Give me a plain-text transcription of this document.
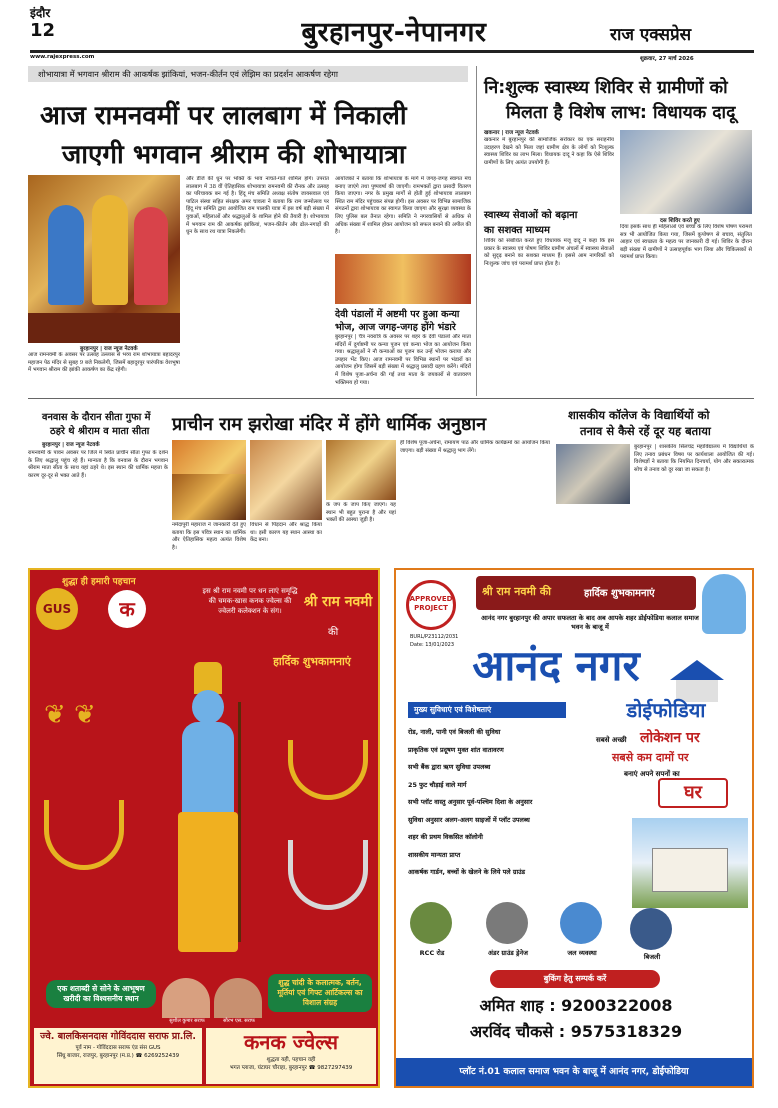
इंदौर
12	बुरहानपुर-नेपानगर	राज एक्सप्रेस
www.rajexpress.com	शुक्रवार, 27 मार्च 2026
शोभायात्रा में भगवान श्रीराम की आकर्षक झांकियां, भजन-कीर्तन एवं लेझिम का प्रदर्शन आकर्षण रहेगा
आज रामनवमीं पर लालबाग में निकाली
जाएगी भगवान श्रीराम की शोभायात्रा
बुरहानपुर | राज न्यूज नेटवर्क
आज रामनवमी के अवसर पर उत्साह उल्लास से भव्य राम शोभायात्रा बहादरपुर महाजन पेठ मंदिर से सुबह 9 बजे निकलेगी, जिसमें बहादुरपुर पारंपरिक वेशभूषा में भगवान श्रीराम की झांकी आकर्षण का केंद्र रहेगी।
और डीजे की धुन पर भक्ति के भाव नाचते-गाते शामिल होंगे। उपरांत लालबाग में 38 वीं ऐतिहासिक शोभायात्रा रामनवमी की रौनक और उत्साह का परिचायक बन गई है। हिंदू मंच समिति अध्यक्ष संतोष जायसवाल एवं पाटिल संस्था सहित संरक्षक अमर चावला ने बताया कि राम जन्मोत्सव पर हिंदू मंच समिति द्वारा आयोजित राम पालकी यात्रा में इस वर्ष बड़ी संख्या में युवाओं, महिलाओं और श्रद्धालुओं के शामिल होने की तैयारी है। शोभायात्रा में भगवान राम की आकर्षक झांकियां, भजन-कीर्तन और ढोल-नगाड़ों की धुन के साथ रथ यात्रा निकलेगी।
आयोजकों ने बताया कि शोभायात्रा के मार्ग में जगह-जगह स्वागत मंच बनाए जाएंगे तथा पुष्पवर्षा की जाएगी। रामभक्तों द्वारा प्रसादी वितरण किया जाएगा। नगर के प्रमुख मार्गों से होती हुई शोभायात्रा लालबाग स्थित राम मंदिर पहुंचकर संपन्न होगी। इस अवसर पर विभिन्न सामाजिक संगठनों द्वारा शोभायात्रा का स्वागत किया जाएगा और सुरक्षा व्यवस्था के लिए पुलिस बल तैनात रहेगा। समिति ने नगरवासियों से अधिक से अधिक संख्या में शामिल होकर आयोजन को सफल बनाने की अपील की है।
देवी पंडालों में अष्टमी पर हुआ कन्या
भोज, आज जगह-जगह होंगे भंडारे
बुरहानपुर | चैत्र नवरात्रि के अवसर पर शहर के देवी पंडालों और माता मंदिरों में दुर्गाष्टमी पर कन्या पूजन एवं कन्या भोज का आयोजन किया गया। श्रद्धालुओं ने नौ कन्याओं का पूजन कर उन्हें भोजन कराया और उपहार भेंट किए। आज रामनवमी पर विभिन्न स्थानों पर भंडारों का आयोजन होगा जिसमें बड़ी संख्या में श्रद्धालु प्रसादी ग्रहण करेंगे। मंदिरों में विशेष पूजा-अर्चना की गई तथा माता के जयकारों से वातावरण भक्तिमय हो गया।
नि:शुल्क स्वास्थ्य शिविर से ग्रामीणों को
मिलता है विशेष लाभ: विधायक दादू
खकनार | राज न्यूज नेटवर्क
खकनार में बुरहानपुर की सामाजिक सरोकार का एक सराहनीय उदाहरण देखने को मिला जहां ग्रामीण क्षेत्र के लोगों को निःशुल्क स्वास्थ्य शिविर का लाभ मिला। विधायक दादू ने कहा कि ऐसे शिविर ग्रामीणों के लिए अत्यंत उपयोगी हैं।
स्वास्थ्य सेवाओं को बढ़ाना
का सशक्त माध्यम
शिविर को संबोधित करते हुए विधायक मंजू दादू ने कहा कि इस प्रकार के स्वास्थ्य एवं पोषण शिविर ग्रामीण अंचलों में स्वास्थ्य सेवाओं को सुदृढ़ बनाने का सशक्त माध्यम हैं। इससे आम नागरिकों को निःशुल्क जांच एवं परामर्श प्राप्त होता है।
दस शिविर करते हुए
दिया इसके साथ ही महिलाओं एवं बच्चों के लिए विशेष पोषण परामर्श सत्र भी आयोजित किया गया, जिसमें कुपोषण से बचाव, संतुलित आहार एवं स्वच्छता के महत्व पर जानकारी दी गई। शिविर के दौरान बड़ी संख्या में ग्रामीणों ने उत्साहपूर्वक भाग लिया और चिकित्सकों से परामर्श प्राप्त किया।
वनवास के दौरान सीता गुफा में
ठहरे थे श्रीराम व माता सीता
बुरहानपुर | राज न्यूज नेटवर्क
रामनवमी के पावन अवसर पर जिले में स्थित प्राचीन सीता गुफा के दर्शन के लिए श्रद्धालु पहुंच रहे हैं। मान्यता है कि वनवास के दौरान भगवान श्रीराम माता सीता के साथ यहां ठहरे थे। इस स्थान की धार्मिक महत्ता के कारण दूर-दूर से भक्त आते हैं।
प्राचीन राम झरोखा मंदिर में होंगे धार्मिक अनुष्ठान
नर्मदापुरी महाराज ने जानकारी देते हुए बताया कि इस पवित्र स्थान का धार्मिक और ऐतिहासिक महत्व अत्यंत विशेष है।
विधान से पिंड़दान और श्राद्ध किया था। इसी कारण यह स्थान आस्था का केंद्र बना।
के जप के जाप किए जाएंगे। यह स्थान भी बहुत पुराना है और यहां भक्तों की आस्था जुड़ी है।
ही विशेष पूजा-अर्चना, रामायण पाठ और धार्मिक कार्यक्रमों का आयोजन किया जाएगा। बड़ी संख्या में श्रद्धालु भाग लेंगे।
शासकीय कॉलेज के विद्यार्थियों को
तनाव से कैसे रहें दूर यह बताया
बुरहानपुर | शासकीय सिलचंद्र महाविद्यालय में विद्यार्थियों के लिए तनाव प्रबंधन विषय पर कार्यशाला आयोजित की गई। विशेषज्ञों ने बताया कि नियमित दिनचर्या, योग और सकारात्मक सोच से तनाव को दूर रखा जा सकता है।
शुद्धा ही हमारी पहचान
GUS	क
इस श्री राम नवमी पर धन लाएं समृद्धि की चमक-खास कनक ज्वेल्स की ज्वेलरी कलेक्शन के संग।
श्री राम नवमी
की
हार्दिक शुभकामनाएं
❦ ❦
एक शताब्दी से सोने के आभूषण खरीदी का विश्वसनीय स्थान
शुद्ध चांदी के कलात्मक, बर्तन, मूर्तियां एवं गिफ्ट आर्टिकल्स का विशाल संग्रह
सुशील कुमार सराफ	सौरभ एस. सराफ
ज्वे. बालकिसनदास गोविंददास सराफ प्रा.लि.
पूर्व नाम - गोविंददास सराफ एंड संस GUS
सिंधु बाजार, राजपुर, बुरहानपुर (म.प्र.) ☎ 6269252439
कनक ज्वेल्स
शुद्धता यही, पहचान वही
भगत प्लाजा, घंटाघर चौराहा, बुरहानपुर ☎ 9827297439
APPROVED PROJECT
BURL/P23112/2031
Date: 13/01/2023
श्री राम नवमी की	हार्दिक शुभकामनाएं
आनंद नगर बुरहानपुर की अपार सफलता के बाद अब आपके शहर डोईफोडिया कलाल समाज भवन के बाजू में
आनंद नगर
मुख्य सुविधाएं एवं विशेषताएं	डोईफोडिया
रोड, नाली, पानी एवं बिजली की सुविधा
प्राकृतिक एवं प्रदूषण मुक्त शांत वातावरण
सभी बैंक द्वारा ऋण सुविधा उपलब्ध
25 फुट चौड़ाई वाले मार्ग
सभी प्लॉट वास्तु अनुसार पूर्व-पश्चिम दिशा के अनुसार
सुविधा अनुसार अलग-अलग साइजों में प्लॉट उपलब्ध
शहर की प्रथम विकसित कॉलोनी
शासकीय मान्यता प्राप्त
आकर्षक गार्डन, बच्चों के खेलने के लिये पले ग्राउंड
सबसे अच्छी लोकेशन पर
सबसे कम दामों पर
बनाएं अपने सपनों का
घर
RCC रोड	अंडर ग्राउंड ड्रेनेज	जल व्यवस्था	बिजली
बुकिंग हेतु सम्पर्क करें
अमित शाह : 9200322008
अरविंद चौकसे : 9575318329
प्लॉट नं.01 कलाल समाज भवन के बाजू में आनंद नगर, डोईफोडिया
